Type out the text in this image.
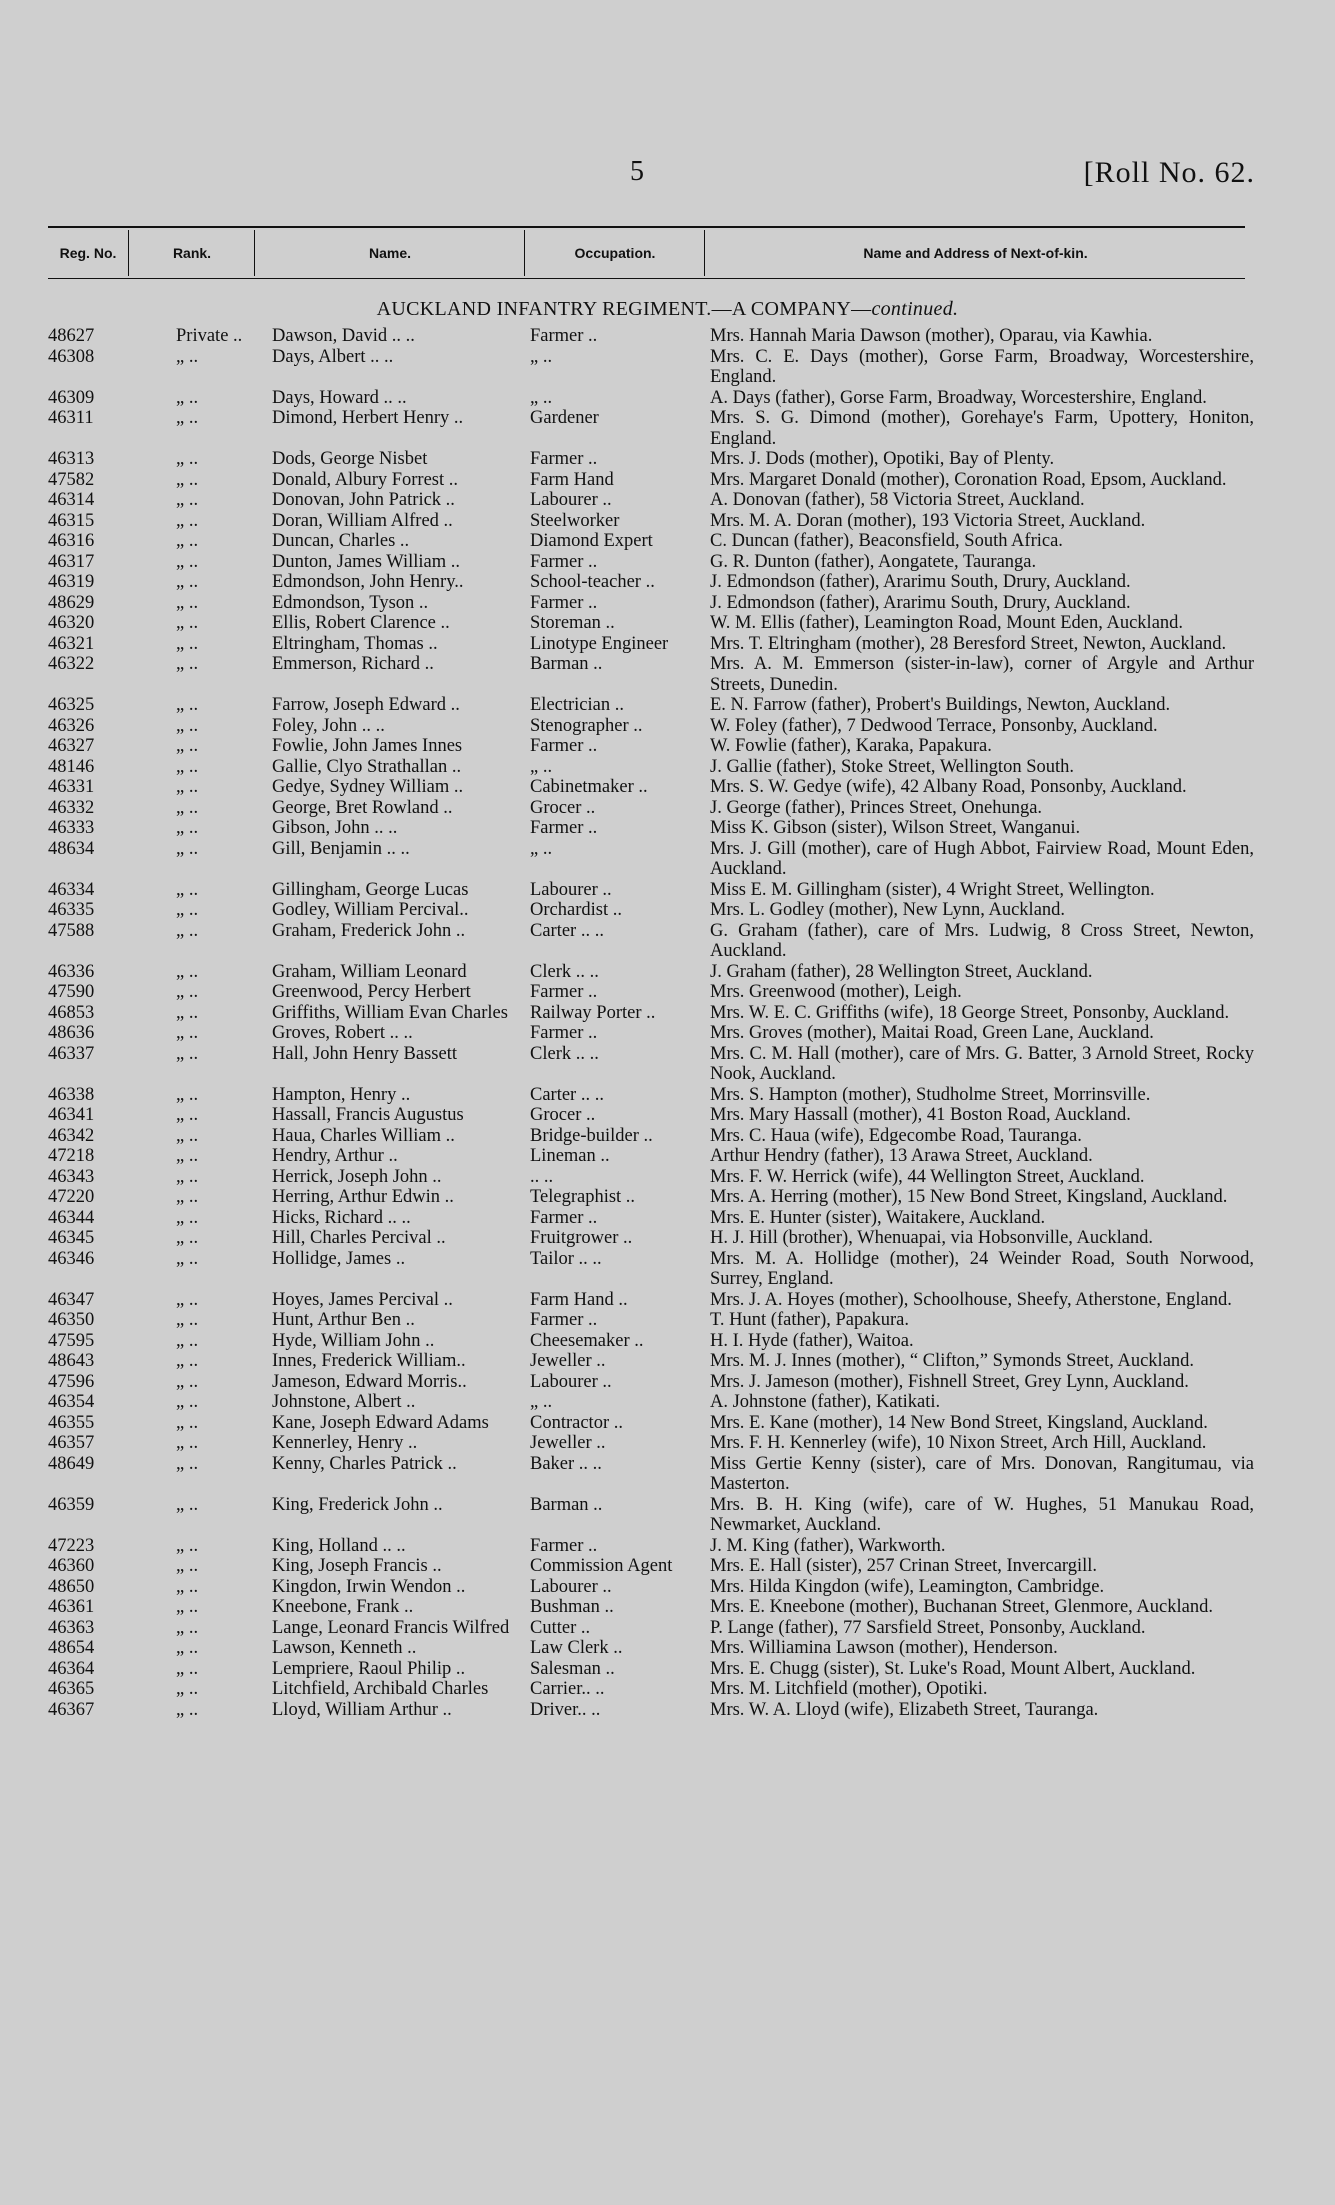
5	[Roll No. 62.
Reg. No.	Rank.	Name.	Occupation.	Name and Address of Next-of-kin.
AUCKLAND INFANTRY REGIMENT.—A COMPANY—continued.
48627	Private ..	Dawson, David .. ..	Farmer ..	Mrs. Hannah Maria Dawson (mother), Oparau, via Kawhia.
46308	„ ..	Days, Albert .. ..	„ ..	Mrs. C. E. Days (mother), Gorse Farm, Broadway, Worcestershire, England.
46309	„ ..	Days, Howard .. ..	„ ..	A. Days (father), Gorse Farm, Broadway, Worcestershire, England.
46311	„ ..	Dimond, Herbert Henry ..	Gardener	Mrs. S. G. Dimond (mother), Gorehaye's Farm, Upottery, Honiton, England.
46313	„ ..	Dods, George Nisbet	Farmer ..	Mrs. J. Dods (mother), Opotiki, Bay of Plenty.
47582	„ ..	Donald, Albury Forrest ..	Farm Hand	Mrs. Margaret Donald (mother), Coronation Road, Epsom, Auckland.
46314	„ ..	Donovan, John Patrick ..	Labourer ..	A. Donovan (father), 58 Victoria Street, Auckland.
46315	„ ..	Doran, William Alfred ..	Steelworker	Mrs. M. A. Doran (mother), 193 Victoria Street, Auckland.
46316	„ ..	Duncan, Charles ..	Diamond Expert	C. Duncan (father), Beaconsfield, South Africa.
46317	„ ..	Dunton, James William ..	Farmer ..	G. R. Dunton (father), Aongatete, Tauranga.
46319	„ ..	Edmondson, John Henry..	School-teacher ..	J. Edmondson (father), Ararimu South, Drury, Auckland.
48629	„ ..	Edmondson, Tyson ..	Farmer ..	J. Edmondson (father), Ararimu South, Drury, Auckland.
46320	„ ..	Ellis, Robert Clarence ..	Storeman ..	W. M. Ellis (father), Leamington Road, Mount Eden, Auckland.
46321	„ ..	Eltringham, Thomas ..	Linotype Engineer	Mrs. T. Eltringham (mother), 28 Beresford Street, Newton, Auckland.
46322	„ ..	Emmerson, Richard ..	Barman ..	Mrs. A. M. Emmerson (sister-in-law), corner of Argyle and Arthur Streets, Dunedin.
46325	„ ..	Farrow, Joseph Edward ..	Electrician ..	E. N. Farrow (father), Probert's Buildings, Newton, Auckland.
46326	„ ..	Foley, John .. ..	Stenographer ..	W. Foley (father), 7 Dedwood Terrace, Ponsonby, Auckland.
46327	„ ..	Fowlie, John James Innes	Farmer ..	W. Fowlie (father), Karaka, Papakura.
48146	„ ..	Gallie, Clyo Strathallan ..	„ ..	J. Gallie (father), Stoke Street, Wellington South.
46331	„ ..	Gedye, Sydney William ..	Cabinetmaker ..	Mrs. S. W. Gedye (wife), 42 Albany Road, Ponsonby, Auckland.
46332	„ ..	George, Bret Rowland ..	Grocer ..	J. George (father), Princes Street, Onehunga.
46333	„ ..	Gibson, John .. ..	Farmer ..	Miss K. Gibson (sister), Wilson Street, Wanganui.
48634	„ ..	Gill, Benjamin .. ..	„ ..	Mrs. J. Gill (mother), care of Hugh Abbot, Fairview Road, Mount Eden, Auckland.
46334	„ ..	Gillingham, George Lucas	Labourer ..	Miss E. M. Gillingham (sister), 4 Wright Street, Wellington.
46335	„ ..	Godley, William Percival..	Orchardist ..	Mrs. L. Godley (mother), New Lynn, Auckland.
47588	„ ..	Graham, Frederick John ..	Carter .. ..	G. Graham (father), care of Mrs. Ludwig, 8 Cross Street, Newton, Auckland.
46336	„ ..	Graham, William Leonard	Clerk .. ..	J. Graham (father), 28 Wellington Street, Auckland.
47590	„ ..	Greenwood, Percy Herbert	Farmer ..	Mrs. Greenwood (mother), Leigh.
46853	„ ..	Griffiths, William Evan Charles	Railway Porter ..	Mrs. W. E. C. Griffiths (wife), 18 George Street, Ponsonby, Auckland.
48636	„ ..	Groves, Robert .. ..	Farmer ..	Mrs. Groves (mother), Maitai Road, Green Lane, Auckland.
46337	„ ..	Hall, John Henry Bassett	Clerk .. ..	Mrs. C. M. Hall (mother), care of Mrs. G. Batter, 3 Arnold Street, Rocky Nook, Auckland.
46338	„ ..	Hampton, Henry ..	Carter .. ..	Mrs. S. Hampton (mother), Studholme Street, Morrinsville.
46341	„ ..	Hassall, Francis Augustus	Grocer ..	Mrs. Mary Hassall (mother), 41 Boston Road, Auckland.
46342	„ ..	Haua, Charles William ..	Bridge-builder ..	Mrs. C. Haua (wife), Edgecombe Road, Tauranga.
47218	„ ..	Hendry, Arthur ..	Lineman ..	Arthur Hendry (father), 13 Arawa Street, Auckland.
46343	„ ..	Herrick, Joseph John ..	.. ..	Mrs. F. W. Herrick (wife), 44 Wellington Street, Auckland.
47220	„ ..	Herring, Arthur Edwin ..	Telegraphist ..	Mrs. A. Herring (mother), 15 New Bond Street, Kingsland, Auckland.
46344	„ ..	Hicks, Richard .. ..	Farmer ..	Mrs. E. Hunter (sister), Waitakere, Auckland.
46345	„ ..	Hill, Charles Percival ..	Fruitgrower ..	H. J. Hill (brother), Whenuapai, via Hobsonville, Auckland.
46346	„ ..	Hollidge, James ..	Tailor .. ..	Mrs. M. A. Hollidge (mother), 24 Weinder Road, South Norwood, Surrey, England.
46347	„ ..	Hoyes, James Percival ..	Farm Hand ..	Mrs. J. A. Hoyes (mother), Schoolhouse, Sheefy, Atherstone, England.
46350	„ ..	Hunt, Arthur Ben ..	Farmer ..	T. Hunt (father), Papakura.
47595	„ ..	Hyde, William John ..	Cheesemaker ..	H. I. Hyde (father), Waitoa.
48643	„ ..	Innes, Frederick William..	Jeweller ..	Mrs. M. J. Innes (mother), “ Clifton,” Symonds Street, Auckland.
47596	„ ..	Jameson, Edward Morris..	Labourer ..	Mrs. J. Jameson (mother), Fishnell Street, Grey Lynn, Auckland.
46354	„ ..	Johnstone, Albert ..	„ ..	A. Johnstone (father), Katikati.
46355	„ ..	Kane, Joseph Edward Adams	Contractor ..	Mrs. E. Kane (mother), 14 New Bond Street, Kingsland, Auckland.
46357	„ ..	Kennerley, Henry ..	Jeweller ..	Mrs. F. H. Kennerley (wife), 10 Nixon Street, Arch Hill, Auckland.
48649	„ ..	Kenny, Charles Patrick ..	Baker .. ..	Miss Gertie Kenny (sister), care of Mrs. Donovan, Rangitumau, via Masterton.
46359	„ ..	King, Frederick John ..	Barman ..	Mrs. B. H. King (wife), care of W. Hughes, 51 Manukau Road, Newmarket, Auckland.
47223	„ ..	King, Holland .. ..	Farmer ..	J. M. King (father), Warkworth.
46360	„ ..	King, Joseph Francis ..	Commission Agent	Mrs. E. Hall (sister), 257 Crinan Street, Invercargill.
48650	„ ..	Kingdon, Irwin Wendon ..	Labourer ..	Mrs. Hilda Kingdon (wife), Leamington, Cambridge.
46361	„ ..	Kneebone, Frank ..	Bushman ..	Mrs. E. Kneebone (mother), Buchanan Street, Glenmore, Auckland.
46363	„ ..	Lange, Leonard Francis Wilfred	Cutter ..	P. Lange (father), 77 Sarsfield Street, Ponsonby, Auckland.
48654	„ ..	Lawson, Kenneth ..	Law Clerk ..	Mrs. Williamina Lawson (mother), Henderson.
46364	„ ..	Lempriere, Raoul Philip ..	Salesman ..	Mrs. E. Chugg (sister), St. Luke's Road, Mount Albert, Auckland.
46365	„ ..	Litchfield, Archibald Charles	Carrier.. ..	Mrs. M. Litchfield (mother), Opotiki.
46367	„ ..	Lloyd, William Arthur ..	Driver.. ..	Mrs. W. A. Lloyd (wife), Elizabeth Street, Tauranga.
